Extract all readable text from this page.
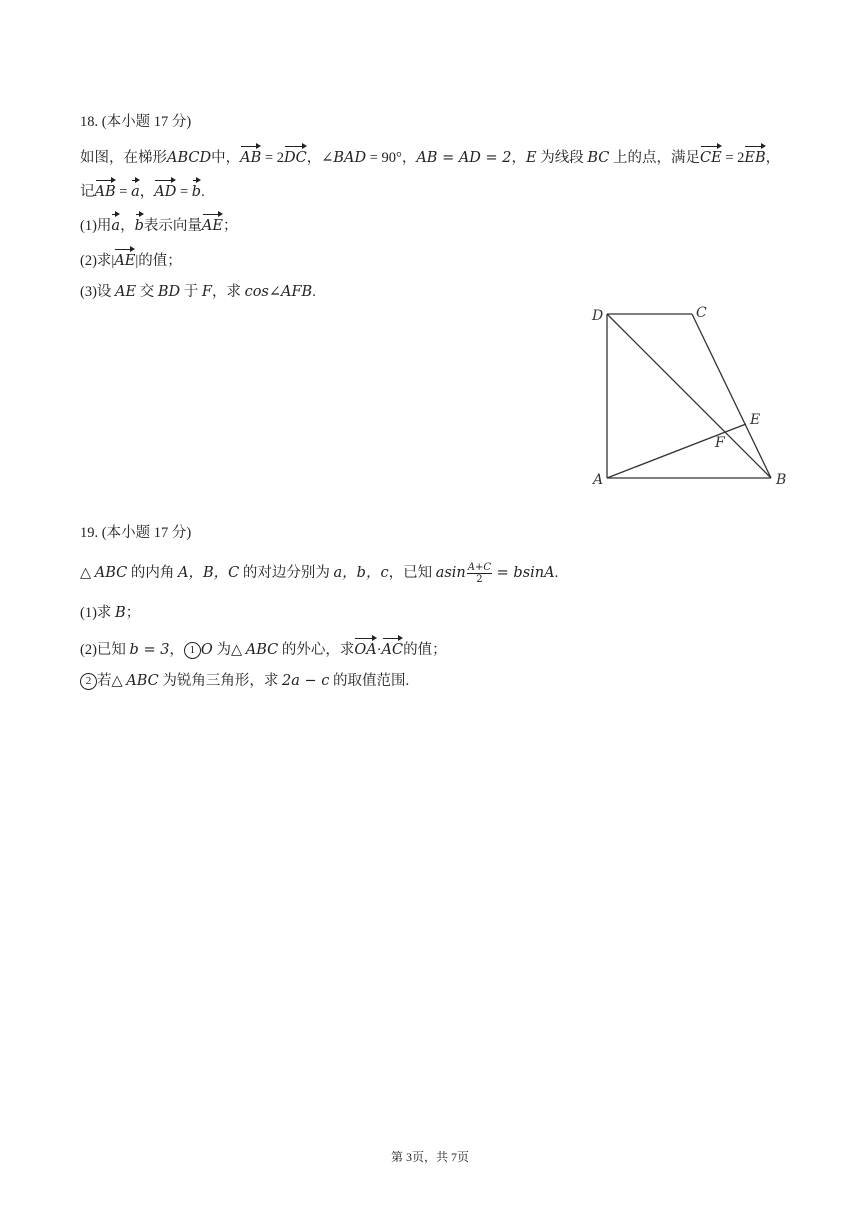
18. (本小题 17 分)
如图，在梯形ABCD中，AB = 2DC，∠BAD = 90°，AB = AD = 2，E 为线段 BC 上的点，满足CE = 2EB，
记AB = a，AD = b.
(1)用a，b表示向量AE；
(2)求|AE|的值；
(3)设 AE 交 BD 于 F，求 cos∠AFB.
D	C
E
F
A	B
19. (本小题 17 分)
△ ABC 的内角 A，B，C 的对边分别为 a，b，c，已知 asin $\frac{A+C}{2} = bsinA$.
(1)求 B；
(2)已知 b = 3， 1 O 为△ ABC 的外心，求OA·AC的值；
2 若△ ABC 为锐角三角形，求 2a − c 的取值范围.
第 3页，共 7页
